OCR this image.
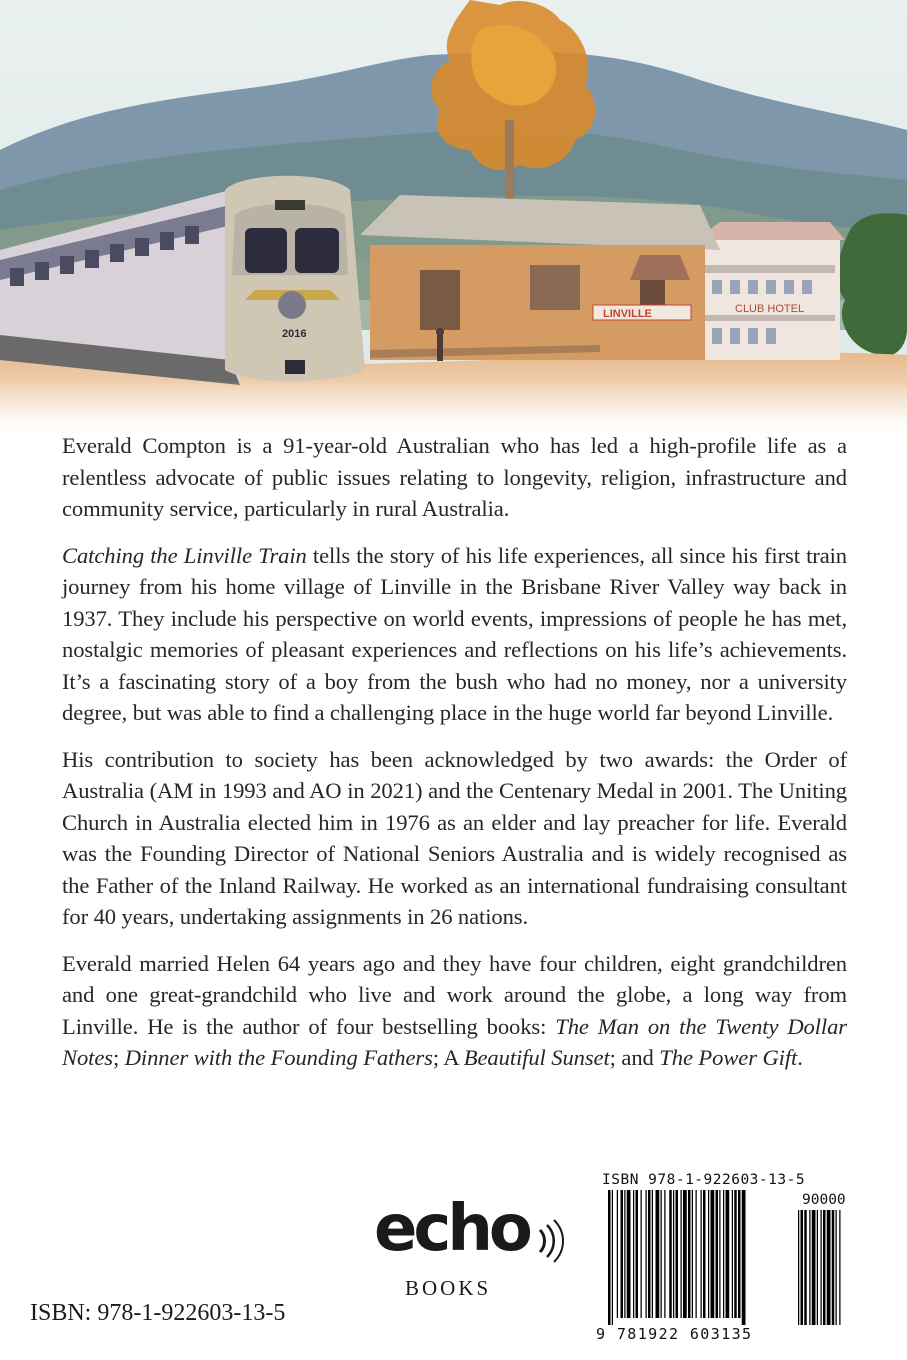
CLUB HOTEL
LINVILLE
2016

Everald Compton is a 91-year-old Australian who has led a high-profile life as a relentless advocate of public issues relating to longevity, religion, infrastructure and community service, particularly in rural Australia.

Catching the Linville Train tells the story of his life experiences, all since his first train journey from his home village of Linville in the Brisbane River Valley way back in 1937. They include his perspective on world events, impressions of people he has met, nostalgic memories of pleasant experiences and reflections on his life’s achievements. It’s a fascinating story of a boy from the bush who had no money, nor a university degree, but was able to find a challenging place in the huge world far beyond Linville.

His contribution to society has been acknowledged by two awards: the Order of Australia (AM in 1993 and AO in 2021) and the Centenary Medal in 2001. The Uniting Church in Australia elected him in 1976 as an elder and lay preacher for life. Everald was the Founding Director of National Seniors Australia and is widely recognised as the Father of the Inland Railway. He worked as an international fundraising consultant for 40 years, undertaking assignments in 26 nations.

Everald married Helen 64 years ago and they have four children, eight grandchildren and one great-grandchild who live and work around the globe, a long way from Linville. He is the author of four bestselling books: The Man on the Twenty Dollar Notes; Dinner with the Founding Fathers; A Beautiful Sunset; and The Power Gift.

echo
BOOKS
ISBN: 978-1-922603-13-5
ISBN 978-1-922603-13-5
90000
9 781922 603135
